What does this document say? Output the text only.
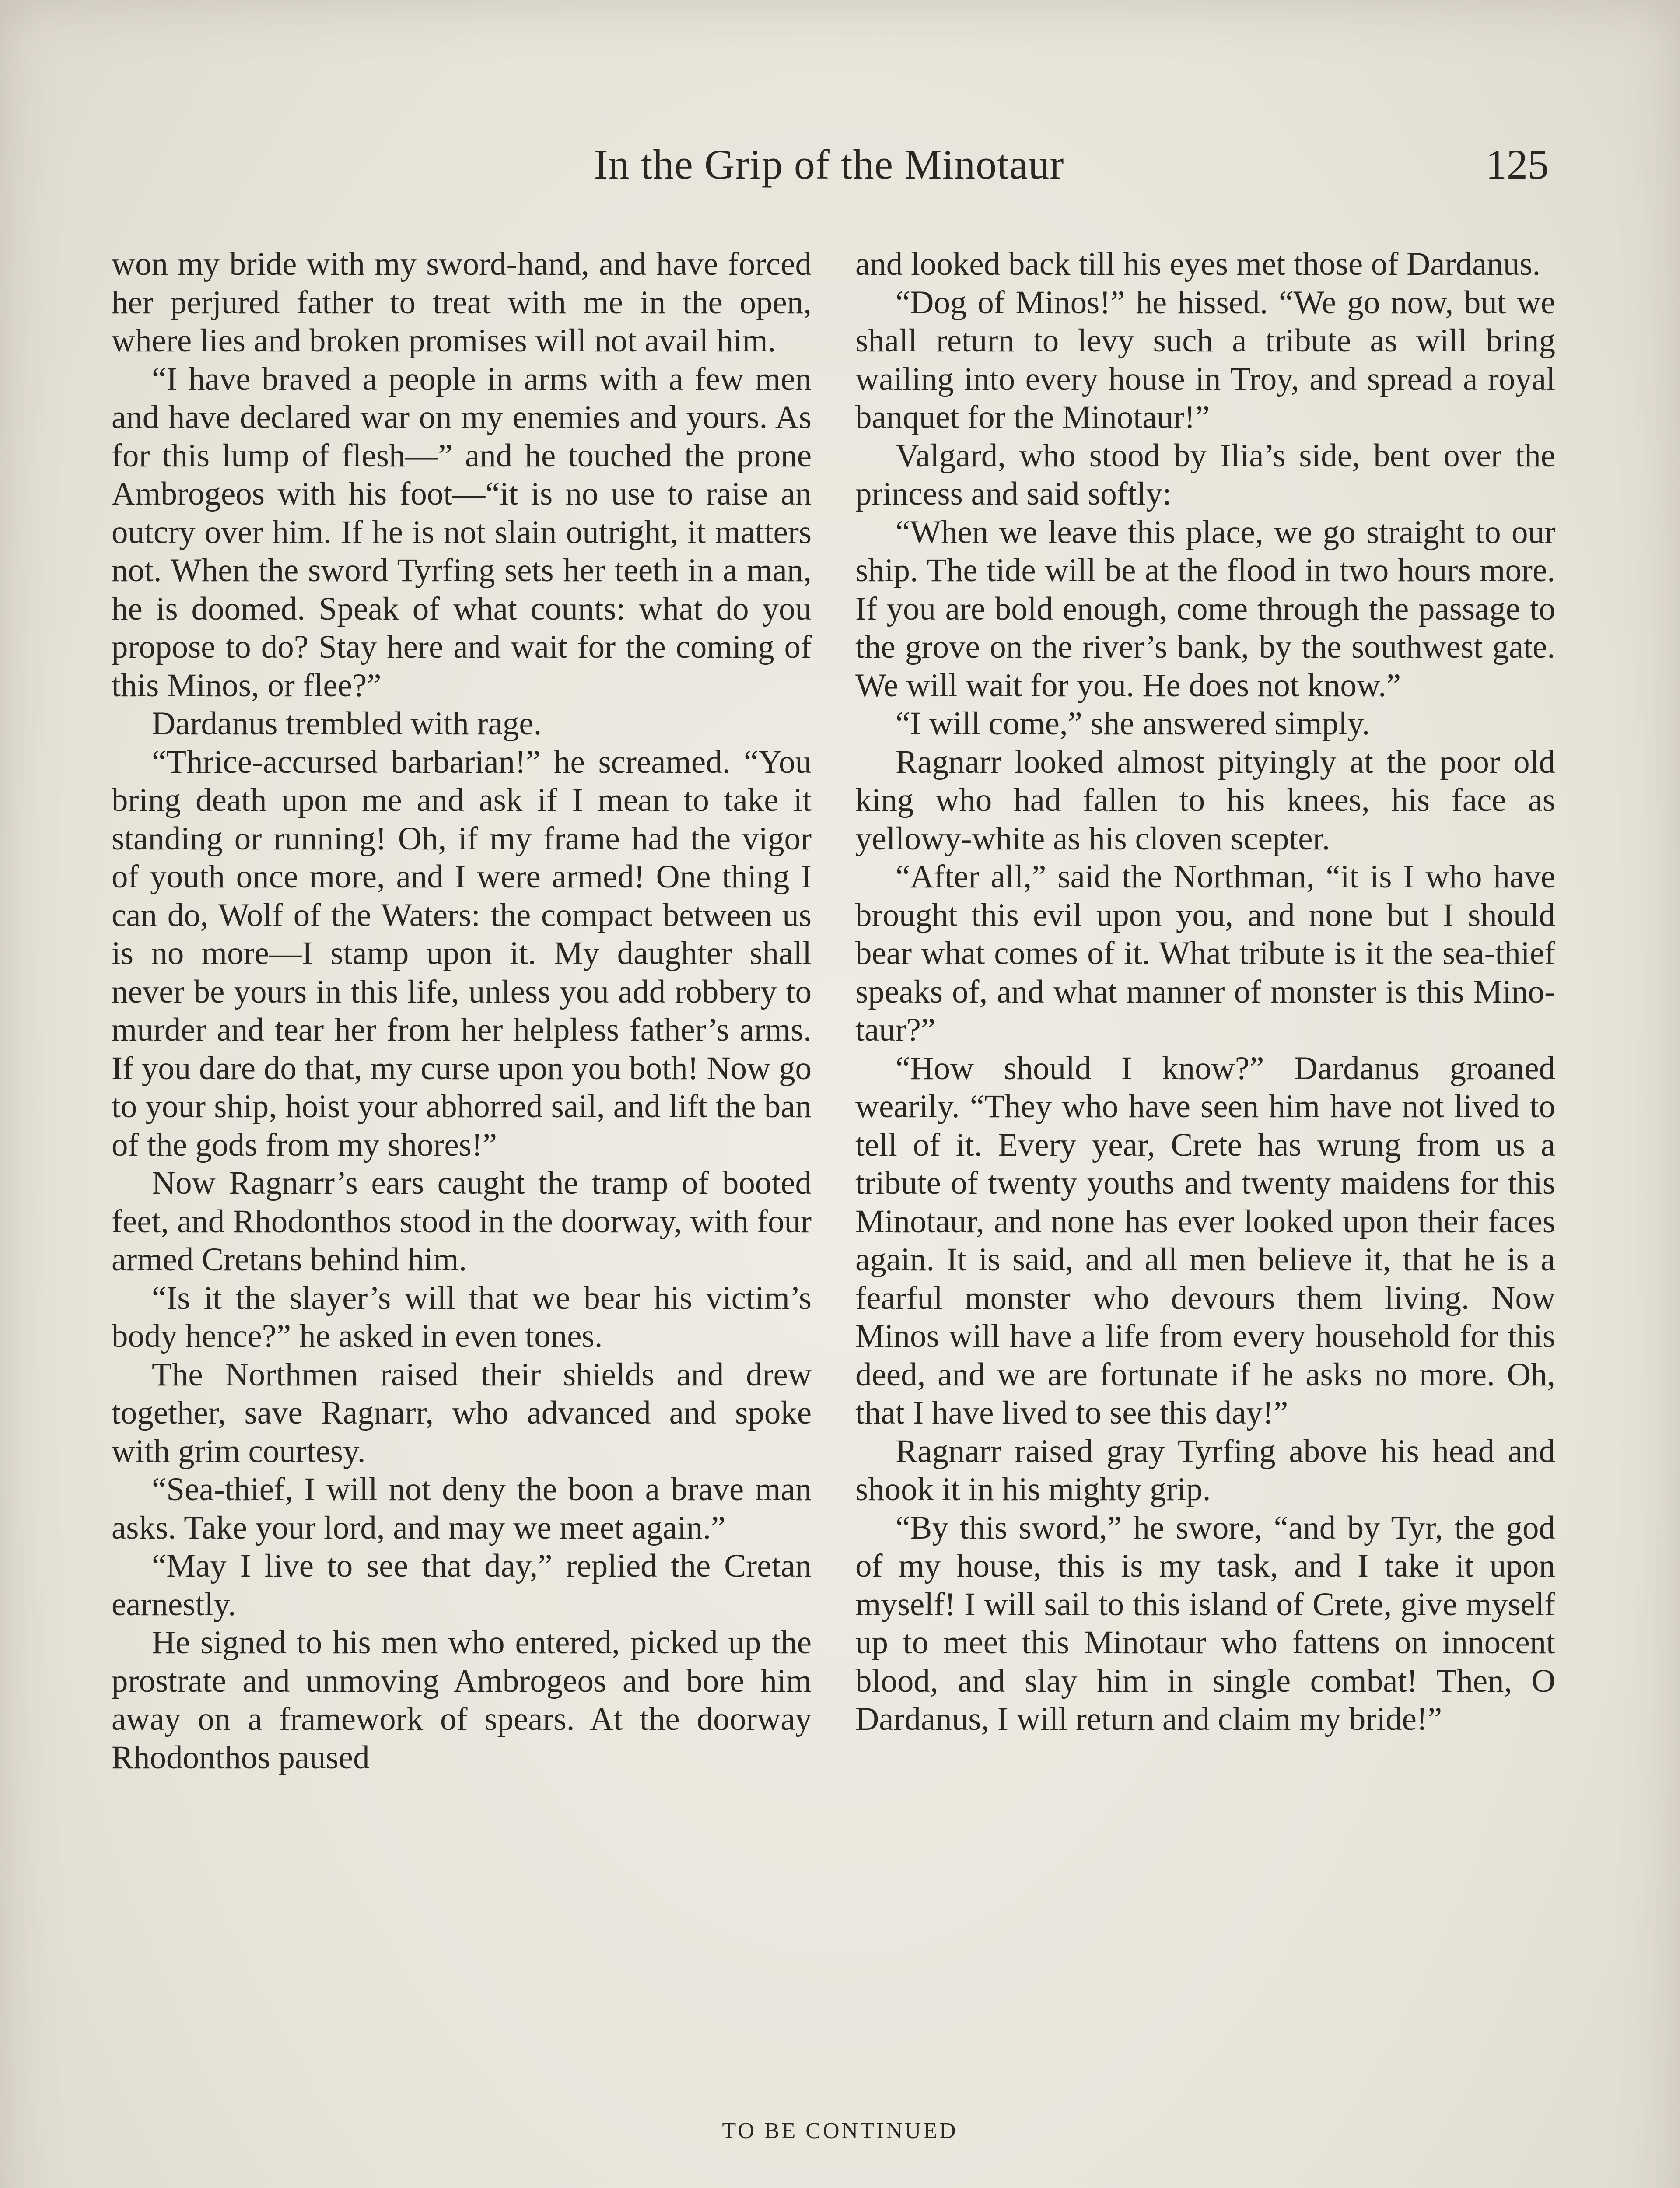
In the Grip of the Minotaur	125

won my bride with my sword-hand, and have forced her perjured father to treat with me in the open, where lies and broken promises will not avail him.

“I have braved a people in arms with a few men and have declared war on my enemies and yours. As for this lump of flesh—” and he touched the prone Ambrogeos with his foot—“it is no use to raise an outcry over him. If he is not slain outright, it matters not. When the sword Tyrfing sets her teeth in a man, he is doomed. Speak of what counts: what do you propose to do? Stay here and wait for the coming of this Minos, or flee?”

Dardanus trembled with rage.

“Thrice-accursed barbarian!” he screamed. “You bring death upon me and ask if I mean to take it standing or running! Oh, if my frame had the vigor of youth once more, and I were armed! One thing I can do, Wolf of the Waters: the compact between us is no more—I stamp upon it. My daughter shall never be yours in this life, unless you add robbery to murder and tear her from her helpless father’s arms. If you dare do that, my curse upon you both! Now go to your ship, hoist your abhorred sail, and lift the ban of the gods from my shores!”

Now Ragnarr’s ears caught the tramp of booted feet, and Rhodonthos stood in the doorway, with four armed Cretans behind him.

“Is it the slayer’s will that we bear his victim’s body hence?” he asked in even tones.

The Northmen raised their shields and drew together, save Ragnarr, who advanced and spoke with grim courtesy.

“Sea-thief, I will not deny the boon a brave man asks. Take your lord, and may we meet again.”

“May I live to see that day,” replied the Cretan earnestly.

He signed to his men who entered, picked up the prostrate and unmoving Ambrogeos and bore him away on a framework of spears. At the doorway Rhodonthos paused

and looked back till his eyes met those of Dardanus.

“Dog of Minos!” he hissed. “We go now, but we shall return to levy such a tribute as will bring wailing into every house in Troy, and spread a royal banquet for the Minotaur!”

Valgard, who stood by Ilia’s side, bent over the princess and said softly:

“When we leave this place, we go straight to our ship. The tide will be at the flood in two hours more. If you are bold enough, come through the passage to the grove on the river’s bank, by the southwest gate. We will wait for you. He does not know.”

“I will come,” she answered simply.

Ragnarr looked almost pityingly at the poor old king who had fallen to his knees, his face as yellowy-white as his cloven scepter.

“After all,” said the Northman, “it is I who have brought this evil upon you, and none but I should bear what comes of it. What tribute is it the sea-thief speaks of, and what manner of monster is this Minotaur?”

“How should I know?” Dardanus groaned wearily. “They who have seen him have not lived to tell of it. Every year, Crete has wrung from us a tribute of twenty youths and twenty maidens for this Minotaur, and none has ever looked upon their faces again. It is said, and all men believe it, that he is a fearful monster who devours them living. Now Minos will have a life from every household for this deed, and we are fortunate if he asks no more. Oh, that I have lived to see this day!”

Ragnarr raised gray Tyrfing above his head and shook it in his mighty grip.

“By this sword,” he swore, “and by Tyr, the god of my house, this is my task, and I take it upon myself! I will sail to this island of Crete, give myself up to meet this Minotaur who fattens on innocent blood, and slay him in single combat! Then, O Dardanus, I will return and claim my bride!”

TO BE CONTINUED
